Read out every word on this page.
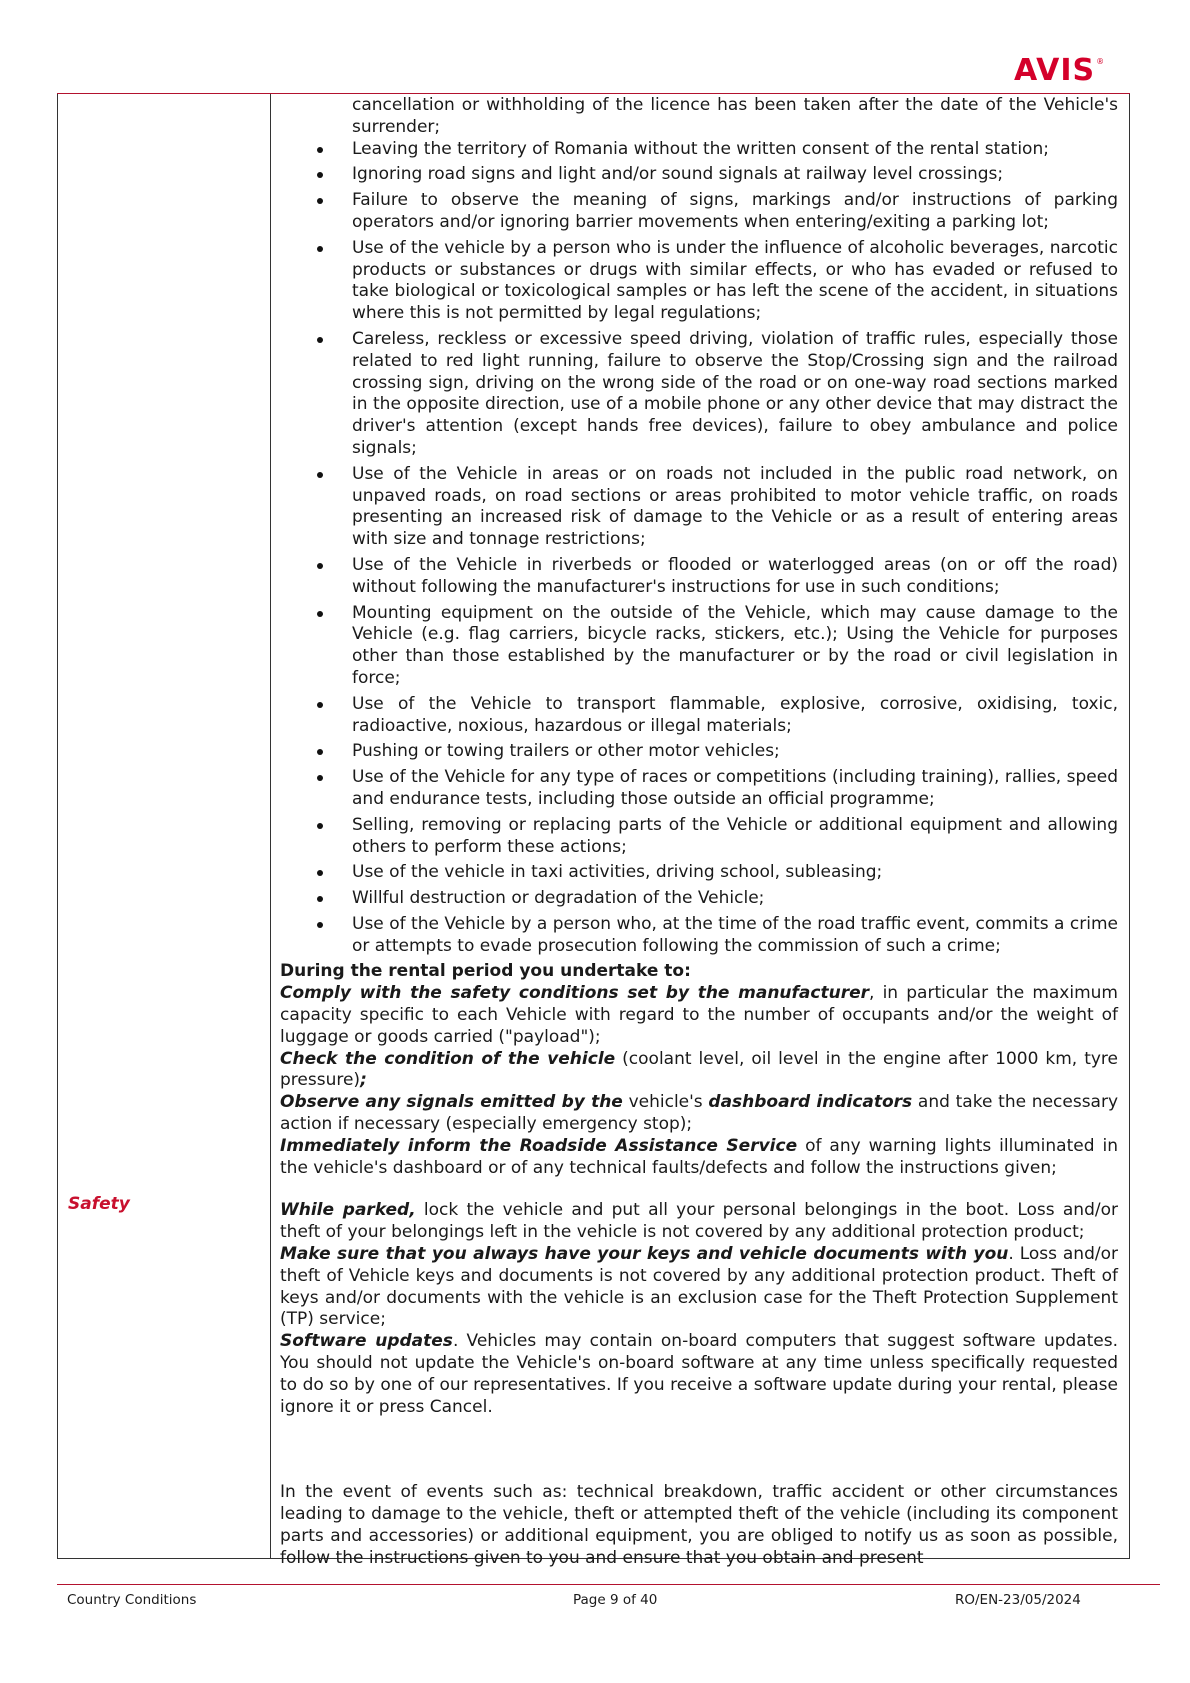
AVIS®
Safety
cancellation or withholding of the licence has been taken after the date of the Vehicle's surrender;
Leaving the territory of Romania without the written consent of the rental station;
Ignoring road signs and light and/or sound signals at railway level crossings;
Failure to observe the meaning of signs, markings and/or instructions of parking operators and/or ignoring barrier movements when entering/exiting a parking lot;
Use of the vehicle by a person who is under the influence of alcoholic beverages, narcotic products or substances or drugs with similar effects, or who has evaded or refused to take biological or toxicological samples or has left the scene of the accident, in situations where this is not permitted by legal regulations;
Careless, reckless or excessive speed driving, violation of traffic rules, especially those related to red light running, failure to observe the Stop/Crossing sign and the railroad crossing sign, driving on the wrong side of the road or on one-way road sections marked in the opposite direction, use of a mobile phone or any other device that may distract the driver's attention (except hands free devices), failure to obey ambulance and police signals;
Use of the Vehicle in areas or on roads not included in the public road network, on unpaved roads, on road sections or areas prohibited to motor vehicle traffic, on roads presenting an increased risk of damage to the Vehicle or as a result of entering areas with size and tonnage restrictions;
Use of the Vehicle in riverbeds or flooded or waterlogged areas (on or off the road) without following the manufacturer's instructions for use in such conditions;
Mounting equipment on the outside of the Vehicle, which may cause damage to the Vehicle (e.g. flag carriers, bicycle racks, stickers, etc.); Using the Vehicle for purposes other than those established by the manufacturer or by the road or civil legislation in force;
Use of the Vehicle to transport flammable, explosive, corrosive, oxidising, toxic, radioactive, noxious, hazardous or illegal materials;
Pushing or towing trailers or other motor vehicles;
Use of the Vehicle for any type of races or competitions (including training), rallies, speed and endurance tests, including those outside an official programme;
Selling, removing or replacing parts of the Vehicle or additional equipment and allowing others to perform these actions;
Use of the vehicle in taxi activities, driving school, subleasing;
Willful destruction or degradation of the Vehicle;
Use of the Vehicle by a person who, at the time of the road traffic event, commits a crime or attempts to evade prosecution following the commission of such a crime;

During the rental period you undertake to:

Comply with the safety conditions set by the manufacturer, in particular the maximum capacity specific to each Vehicle with regard to the number of occupants and/or the weight of luggage or goods carried ("payload");

Check the condition of the vehicle (coolant level, oil level in the engine after 1000 km, tyre pressure);

Observe any signals emitted by the vehicle's dashboard indicators and take the necessary action if necessary (especially emergency stop);

Immediately inform the Roadside Assistance Service of any warning lights illuminated in the vehicle's dashboard or of any technical faults/defects and follow the instructions given;

While parked, lock the vehicle and put all your personal belongings in the boot. Loss and/or theft of your belongings left in the vehicle is not covered by any additional protection product;

Make sure that you always have your keys and vehicle documents with you. Loss and/or theft of Vehicle keys and documents is not covered by any additional protection product. Theft of keys and/or documents with the vehicle is an exclusion case for the Theft Protection Supplement (TP) service;

Software updates. Vehicles may contain on-board computers that suggest software updates. You should not update the Vehicle's on-board software at any time unless specifically requested to do so by one of our representatives. If you receive a software update during your rental, please ignore it or press Cancel.

In the event of events such as: technical breakdown, traffic accident or other circumstances leading to damage to the vehicle, theft or attempted theft of the vehicle (including its component parts and accessories) or additional equipment, you are obliged to notify us as soon as possible, follow the instructions given to you and ensure that you obtain and present

Country Conditions	Page 9 of 40	RO/EN-23/05/2024
